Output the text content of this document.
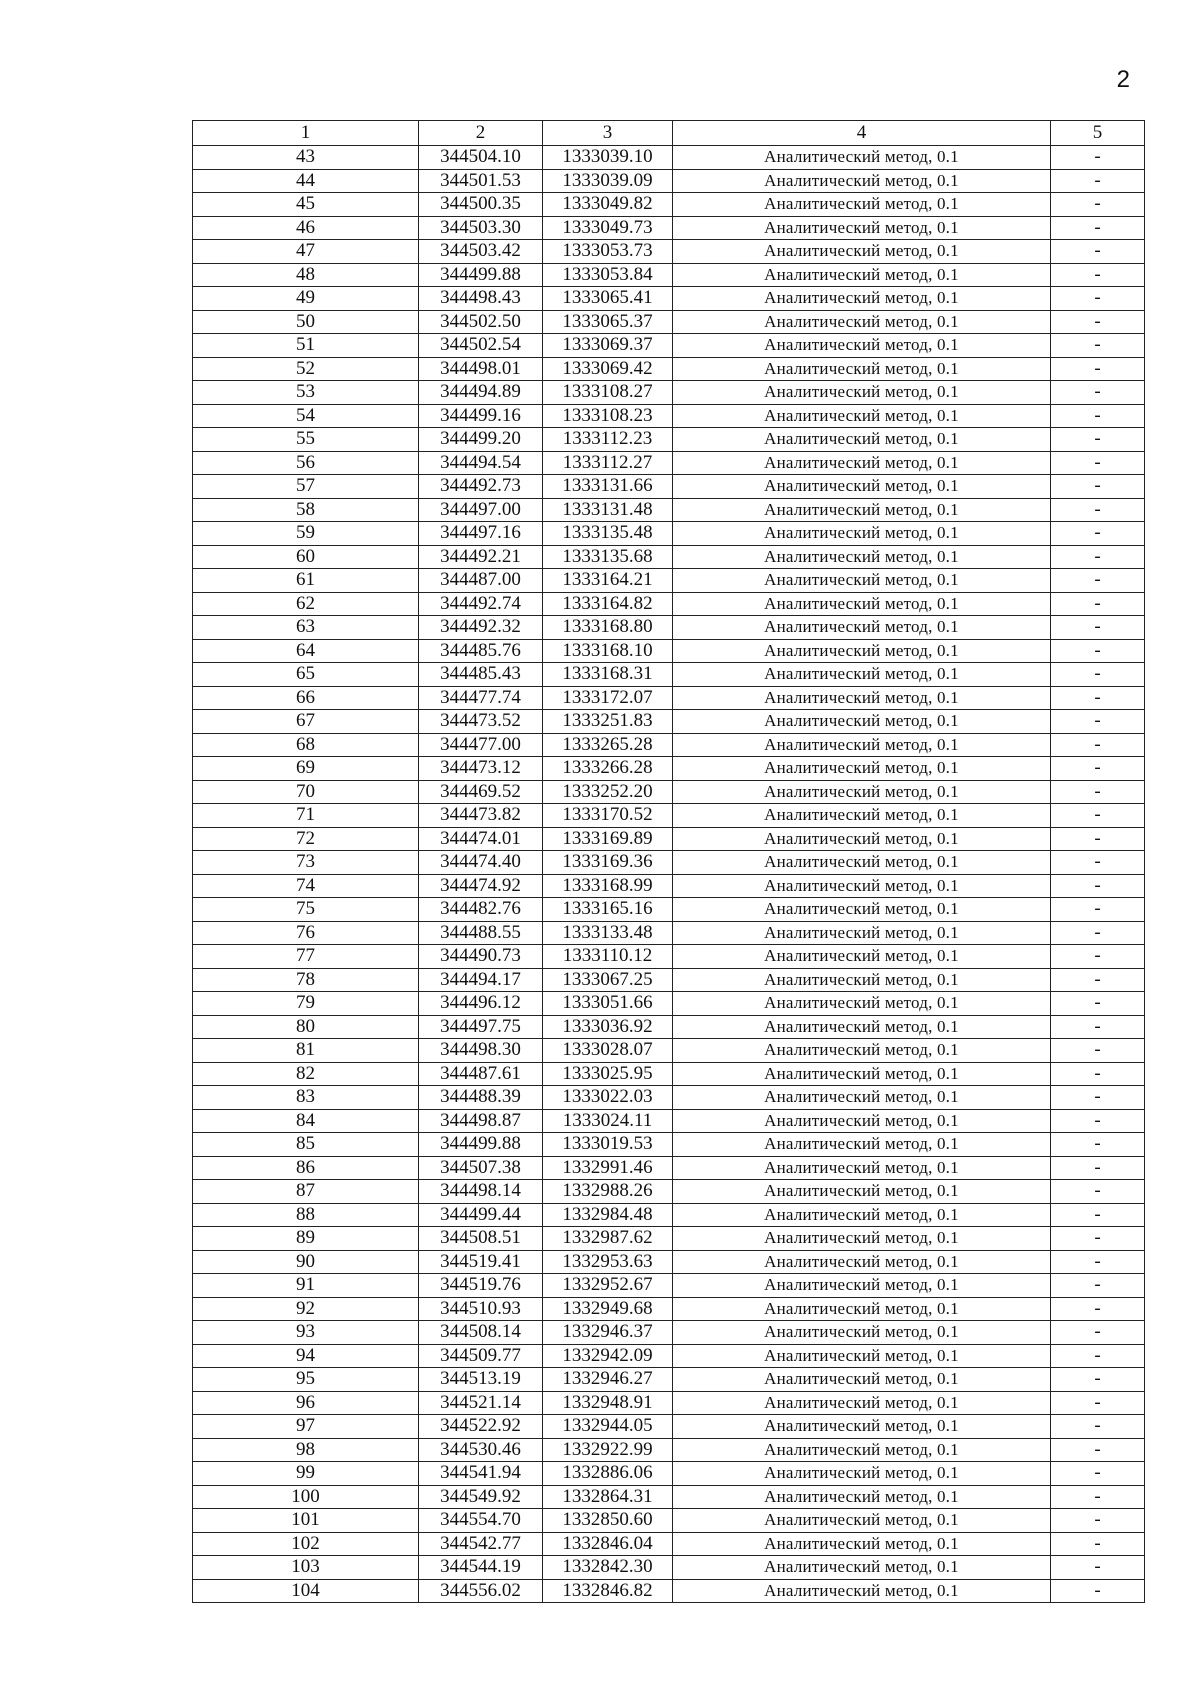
2
1	2	3	4	5
43	344504.10	1333039.10	Аналитический метод, 0.1	-
44	344501.53	1333039.09	Аналитический метод, 0.1	-
45	344500.35	1333049.82	Аналитический метод, 0.1	-
46	344503.30	1333049.73	Аналитический метод, 0.1	-
47	344503.42	1333053.73	Аналитический метод, 0.1	-
48	344499.88	1333053.84	Аналитический метод, 0.1	-
49	344498.43	1333065.41	Аналитический метод, 0.1	-
50	344502.50	1333065.37	Аналитический метод, 0.1	-
51	344502.54	1333069.37	Аналитический метод, 0.1	-
52	344498.01	1333069.42	Аналитический метод, 0.1	-
53	344494.89	1333108.27	Аналитический метод, 0.1	-
54	344499.16	1333108.23	Аналитический метод, 0.1	-
55	344499.20	1333112.23	Аналитический метод, 0.1	-
56	344494.54	1333112.27	Аналитический метод, 0.1	-
57	344492.73	1333131.66	Аналитический метод, 0.1	-
58	344497.00	1333131.48	Аналитический метод, 0.1	-
59	344497.16	1333135.48	Аналитический метод, 0.1	-
60	344492.21	1333135.68	Аналитический метод, 0.1	-
61	344487.00	1333164.21	Аналитический метод, 0.1	-
62	344492.74	1333164.82	Аналитический метод, 0.1	-
63	344492.32	1333168.80	Аналитический метод, 0.1	-
64	344485.76	1333168.10	Аналитический метод, 0.1	-
65	344485.43	1333168.31	Аналитический метод, 0.1	-
66	344477.74	1333172.07	Аналитический метод, 0.1	-
67	344473.52	1333251.83	Аналитический метод, 0.1	-
68	344477.00	1333265.28	Аналитический метод, 0.1	-
69	344473.12	1333266.28	Аналитический метод, 0.1	-
70	344469.52	1333252.20	Аналитический метод, 0.1	-
71	344473.82	1333170.52	Аналитический метод, 0.1	-
72	344474.01	1333169.89	Аналитический метод, 0.1	-
73	344474.40	1333169.36	Аналитический метод, 0.1	-
74	344474.92	1333168.99	Аналитический метод, 0.1	-
75	344482.76	1333165.16	Аналитический метод, 0.1	-
76	344488.55	1333133.48	Аналитический метод, 0.1	-
77	344490.73	1333110.12	Аналитический метод, 0.1	-
78	344494.17	1333067.25	Аналитический метод, 0.1	-
79	344496.12	1333051.66	Аналитический метод, 0.1	-
80	344497.75	1333036.92	Аналитический метод, 0.1	-
81	344498.30	1333028.07	Аналитический метод, 0.1	-
82	344487.61	1333025.95	Аналитический метод, 0.1	-
83	344488.39	1333022.03	Аналитический метод, 0.1	-
84	344498.87	1333024.11	Аналитический метод, 0.1	-
85	344499.88	1333019.53	Аналитический метод, 0.1	-
86	344507.38	1332991.46	Аналитический метод, 0.1	-
87	344498.14	1332988.26	Аналитический метод, 0.1	-
88	344499.44	1332984.48	Аналитический метод, 0.1	-
89	344508.51	1332987.62	Аналитический метод, 0.1	-
90	344519.41	1332953.63	Аналитический метод, 0.1	-
91	344519.76	1332952.67	Аналитический метод, 0.1	-
92	344510.93	1332949.68	Аналитический метод, 0.1	-
93	344508.14	1332946.37	Аналитический метод, 0.1	-
94	344509.77	1332942.09	Аналитический метод, 0.1	-
95	344513.19	1332946.27	Аналитический метод, 0.1	-
96	344521.14	1332948.91	Аналитический метод, 0.1	-
97	344522.92	1332944.05	Аналитический метод, 0.1	-
98	344530.46	1332922.99	Аналитический метод, 0.1	-
99	344541.94	1332886.06	Аналитический метод, 0.1	-
100	344549.92	1332864.31	Аналитический метод, 0.1	-
101	344554.70	1332850.60	Аналитический метод, 0.1	-
102	344542.77	1332846.04	Аналитический метод, 0.1	-
103	344544.19	1332842.30	Аналитический метод, 0.1	-
104	344556.02	1332846.82	Аналитический метод, 0.1	-
